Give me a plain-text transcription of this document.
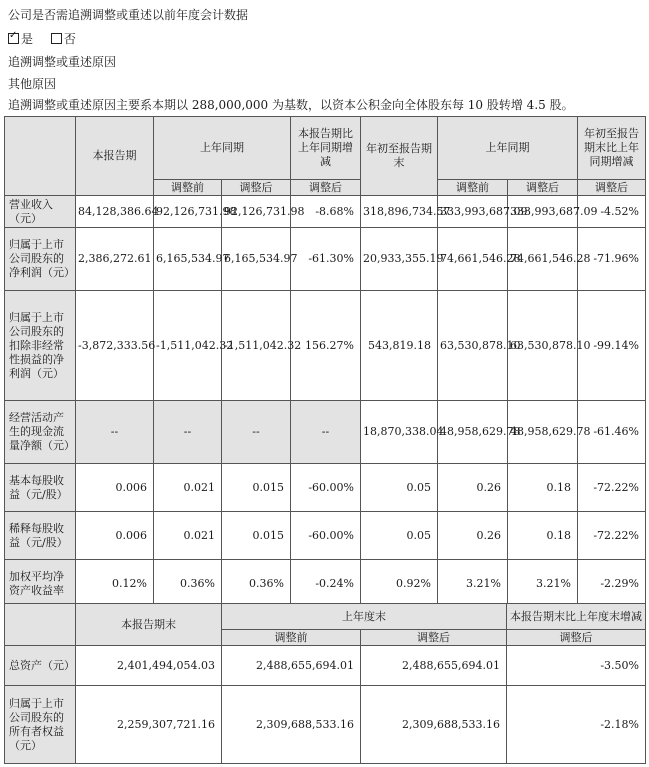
公司是否需追溯调整或重述以前年度会计数据
✓是	否
追溯调整或重述原因
其他原因
追溯调整或重述原因主要系本期以 288,000,000 为基数，以资本公积金向全体股东每 10 股转增 4.5 股。
	本报告期	上年同期		本报告期比上年同期增减	年初至报告期末	上年同期		年初至报告期末比上年同期增减
		调整前	调整后	调整后		调整前	调整后	调整后
营业收入（元）	84,128,386.64	92,126,731.98	92,126,731.98	-8.68%	318,896,734.57	333,993,687.09	333,993,687.09	-4.52%
归属于上市公司股东的净利润（元）	2,386,272.61	6,165,534.97	6,165,534.97	-61.30%	20,933,355.19	74,661,546.28	74,661,546.28	-71.96%
归属于上市公司股东的扣除非经常性损益的净利润（元）	-3,872,333.56	-1,511,042.32	-1,511,042.32	156.27%	543,819.18	63,530,878.10	63,530,878.10	-99.14%
经营活动产生的现金流量净额（元）	--	--	--	--	18,870,338.04	48,958,629.78	48,958,629.78	-61.46%
基本每股收益（元/股）	0.006	0.021	0.015	-60.00%	0.05	0.26	0.18	-72.22%
稀释每股收益（元/股）	0.006	0.021	0.015	-60.00%	0.05	0.26	0.18	-72.22%
加权平均净资产收益率	0.12%	0.36%	0.36%	-0.24%	0.92%	3.21%	3.21%	-2.29%
	本报告期末	上年度末		本报告期末比上年度末增减
		调整前	调整后	调整后
总资产（元）	2,401,494,054.03	2,488,655,694.01	2,488,655,694.01	-3.50%
归属于上市公司股东的所有者权益（元）	2,259,307,721.16	2,309,688,533.16	2,309,688,533.16	-2.18%
